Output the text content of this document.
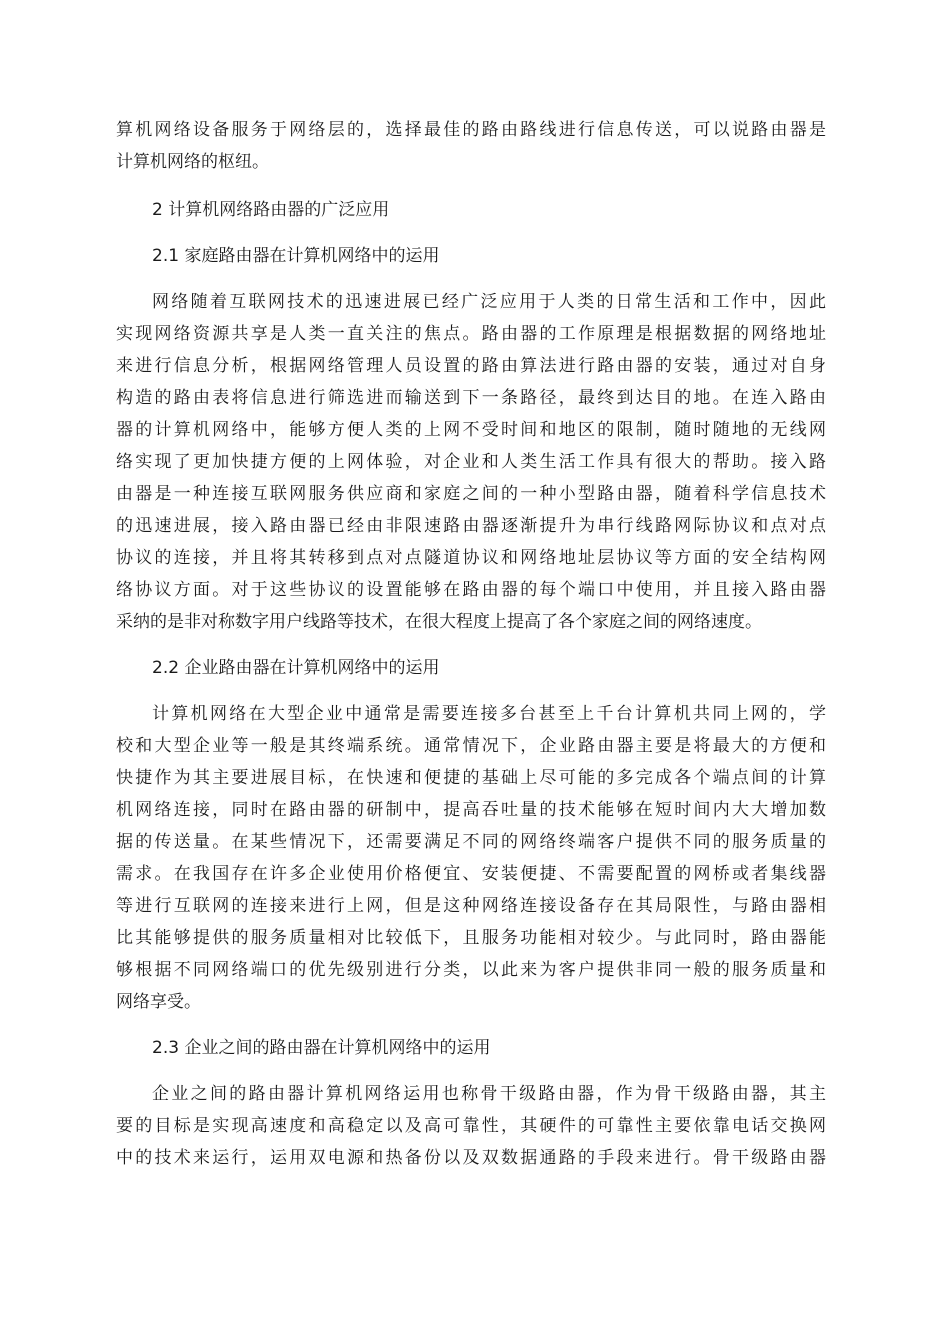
算机网络设备服务于网络层的，选择最佳的路由路线进行信息传送，可以说路由器是

计算机网络的枢纽。

2 计算机网络路由器的广泛应用

2.1 家庭路由器在计算机网络中的运用

网络随着互联网技术的迅速进展已经广泛应用于人类的日常生活和工作中，因此

实现网络资源共享是人类一直关注的焦点。路由器的工作原理是根据数据的网络地址

来进行信息分析，根据网络管理人员设置的路由算法进行路由器的安装，通过对自身

构造的路由表将信息进行筛选进而输送到下一条路径，最终到达目的地。在连入路由

器的计算机网络中，能够方便人类的上网不受时间和地区的限制，随时随地的无线网

络实现了更加快捷方便的上网体验，对企业和人类生活工作具有很大的帮助。接入路

由器是一种连接互联网服务供应商和家庭之间的一种小型路由器，随着科学信息技术

的迅速进展，接入路由器已经由非限速路由器逐渐提升为串行线路网际协议和点对点

协议的连接，并且将其转移到点对点隧道协议和网络地址层协议等方面的安全结构网

络协议方面。对于这些协议的设置能够在路由器的每个端口中使用，并且接入路由器

采纳的是非对称数字用户线路等技术，在很大程度上提高了各个家庭之间的网络速度。

2.2 企业路由器在计算机网络中的运用

计算机网络在大型企业中通常是需要连接多台甚至上千台计算机共同上网的，学

校和大型企业等一般是其终端系统。通常情况下，企业路由器主要是将最大的方便和

快捷作为其主要进展目标，在快速和便捷的基础上尽可能的多完成各个端点间的计算

机网络连接，同时在路由器的研制中，提高吞吐量的技术能够在短时间内大大增加数

据的传送量。在某些情况下，还需要满足不同的网络终端客户提供不同的服务质量的

需求。在我国存在许多企业使用价格便宜、安装便捷、不需要配置的网桥或者集线器

等进行互联网的连接来进行上网，但是这种网络连接设备存在其局限性，与路由器相

比其能够提供的服务质量相对比较低下，且服务功能相对较少。与此同时，路由器能

够根据不同网络端口的优先级别进行分类，以此来为客户提供非同一般的服务质量和

网络享受。

2.3 企业之间的路由器在计算机网络中的运用

企业之间的路由器计算机网络运用也称骨干级路由器，作为骨干级路由器，其主

要的目标是实现高速度和高稳定以及高可靠性，其硬件的可靠性主要依靠电话交换网

中的技术来运行，运用双电源和热备份以及双数据通路的手段来进行。骨干级路由器
